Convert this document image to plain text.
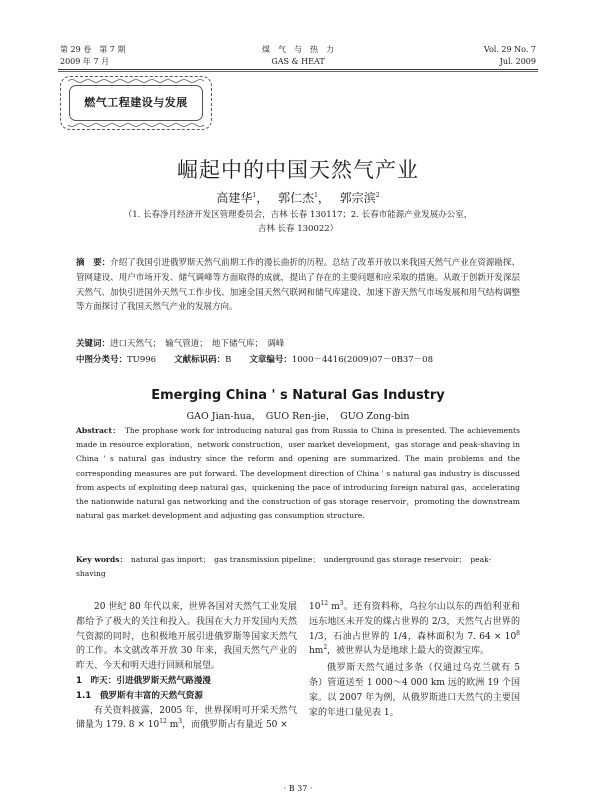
第 29 卷　第 7 期
2009 年 7 月
煤　气　与　热　力
GAS & HEAT
Vol. 29 No. 7
Jul. 2009
燃气工程建设与发展
崛起中的中国天然气产业
高建华$^1$，　 郭仁杰$^1$，　 郭宗滨$^2$
（1. 长春净月经济开发区管理委员会，吉林 长春 130117；2. 长春市能源产业发展办公室，
吉林 长春 130022）
摘　要：介绍了我国引进俄罗斯天然气前期工作的漫长曲折的历程。总结了改革开放以来我国天然气产业在资源勘探、管网建设、用户市场开发、储气调峰等方面取得的成就，提出了存在的主要问题和应采取的措施。从敢于创新开发深层天然气、加快引进国外天然气工作步伐、加速全国天然气联网和储气库建设、加速下游天然气市场发展和用气结构调整等方面探讨了我国天然气产业的发展方向。
关键词：进口天然气；　输气管道；　地下储气库；　调峰
中图分类号：TU996 文献标识码：B 文章编号：1000－4416(2009)07－0B37－08
Emerging China ' s Natural Gas Industry
GAO Jian-hua，　GUO Ren-jie，　GUO Zong-bin
Abstract：　 The prophase work for introducing natural gas from Russia to China is presented. The achievements made in resource exploration，network construction，user market development，gas storage and peak-shaving in China ' s natural gas industry since the reform and opening are summarized. The main problems and the corresponding measures are put forward. The development direction of China ' s natural gas industry is discussed from aspects of exploiting deep natural gas，quickening the pace of introducing foreign natural gas，accelerating the nationwide natural gas networking and the construction of gas storage reservoir，promoting the downstream natural gas market development and adjusting gas consumption structure.
Key words：　 natural gas import；　gas transmission pipeline；　underground gas storage reservoir；　peak-shaving
20 世纪 80 年代以来，世界各国对天然气工业发展都给予了极大的关注和投入。我国在大力开发国内天然气资源的同时，也积极地开展引进俄罗斯等国家天然气的工作。本文就改革开放 30 年来，我国天然气产业的昨天、今天和明天进行回顾和展望。
1　昨天：引进俄罗斯天然气路漫漫
1.1　俄罗斯有丰富的天然气资源
有关资料披露，2005 年，世界探明可开采天然气储量为 179. $8 \times 10^{12}$ $m^3$，而俄罗斯占有量近 50 ×
$10^{12}$ $m^3$。还有资料称，乌拉尔山以东的西伯利亚和远东地区未开发的煤占世界的 2/3，天然气占世界的 1/3，石油占世界的 1/4，森林面积为 7. $64 \times 10^8$ $hm^2$，被世界认为是地球上最大的资源宝库。
俄罗斯天然气通过多条（仅通过乌克兰就有 5 条）管道送至 1 000～4 000 km 远的欧洲 19 个国家。以 2007 年为例，从俄罗斯进口天然气的主要国家的年进口量见表 1。
· B 37 ·
